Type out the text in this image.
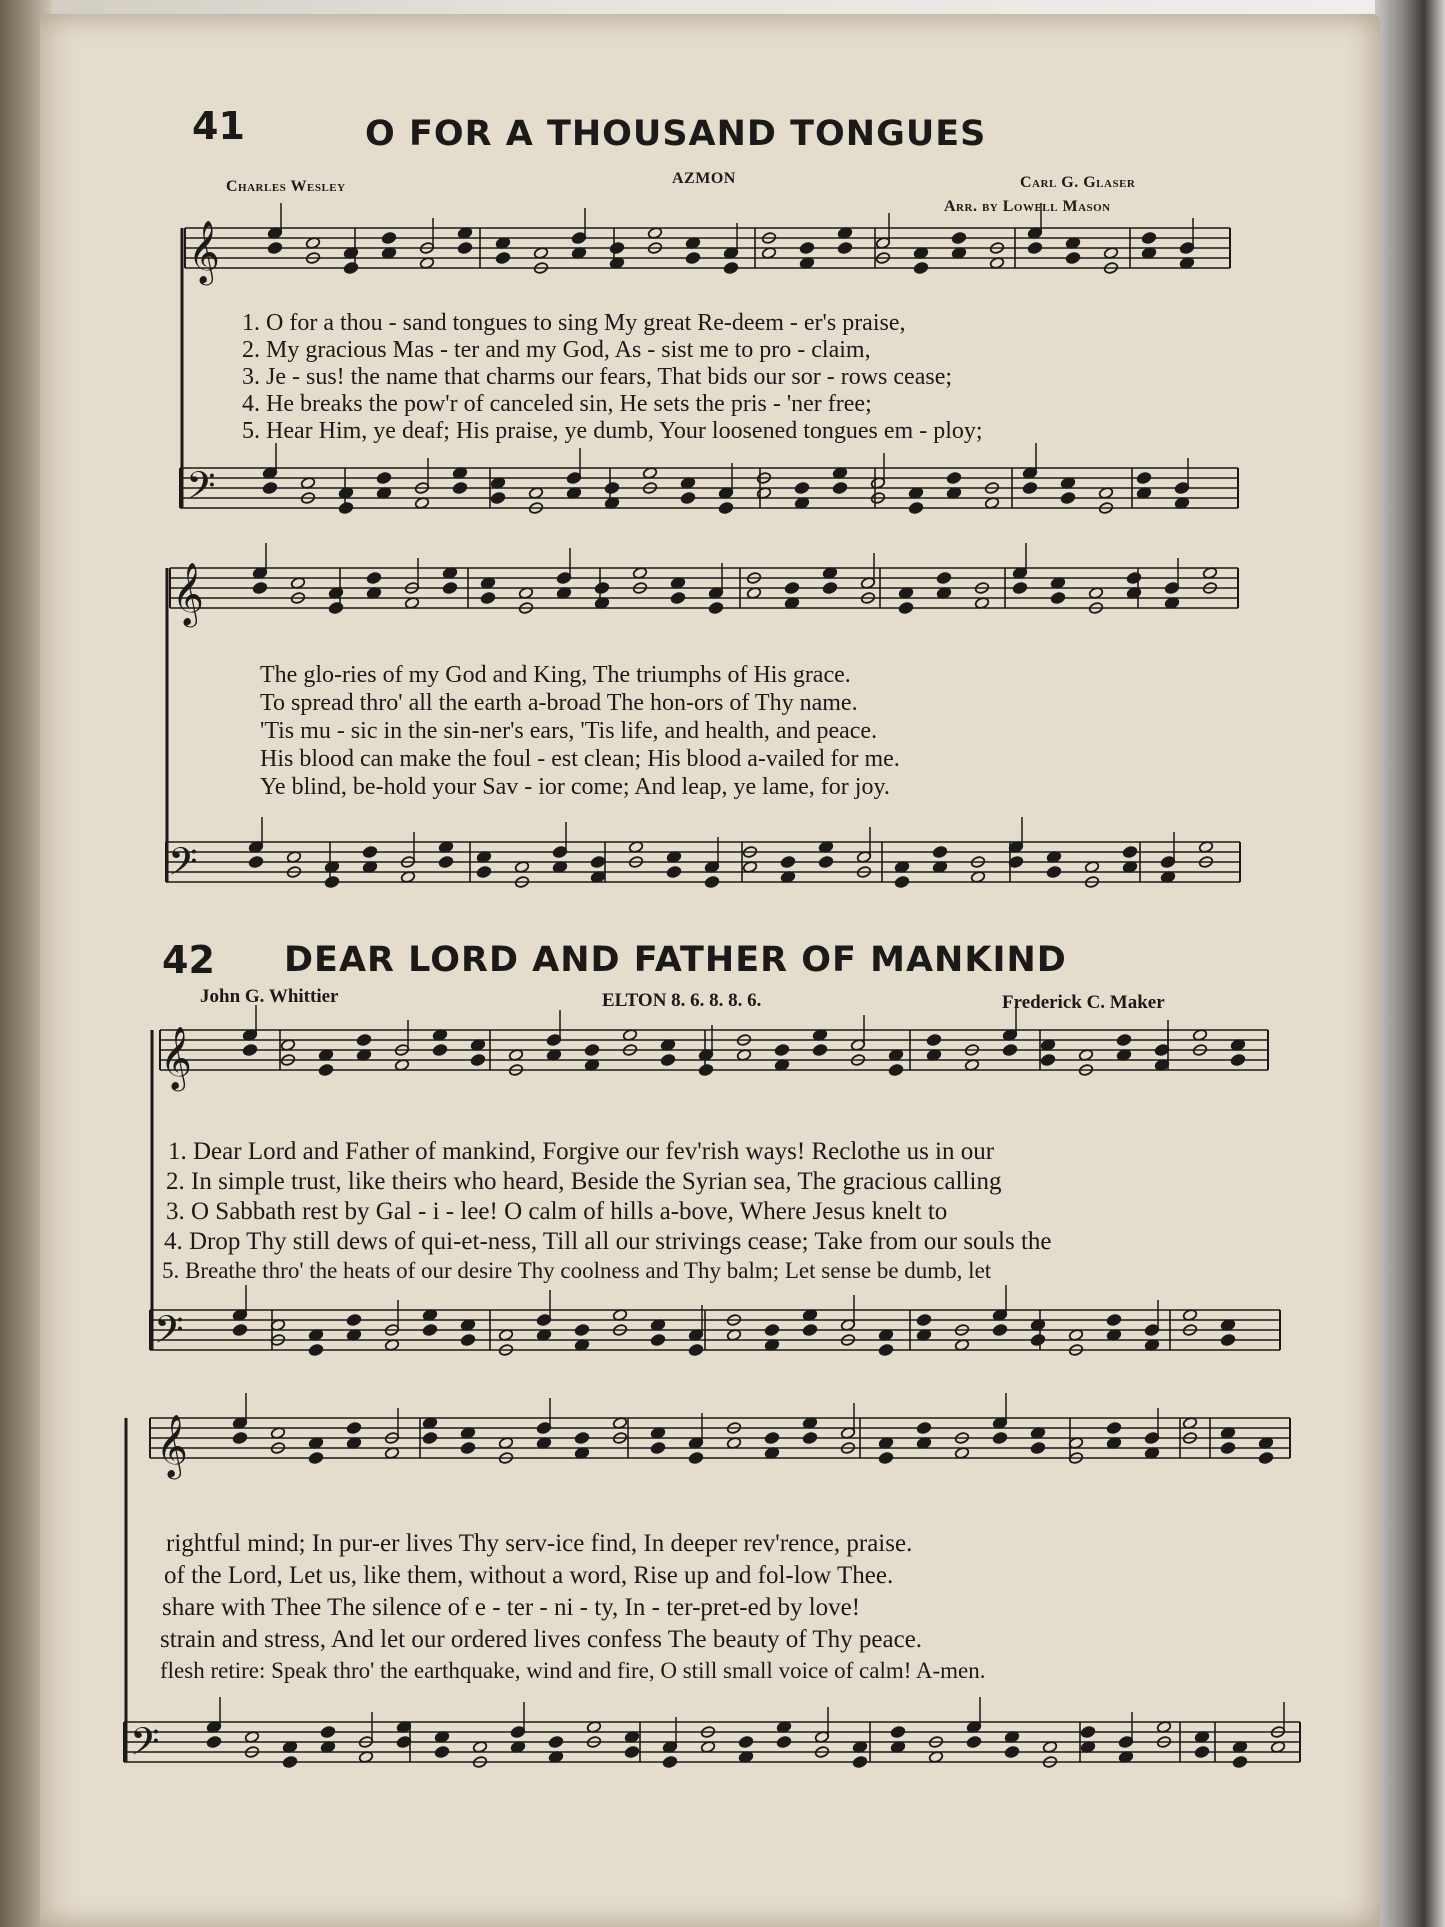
𝄞
𝄢
𝄞
𝄢
𝄞
𝄢
𝄞
𝄢
41	O FOR A THOUSAND TONGUES
Charles Wesley	AZMON	Carl G. Glaser
Arr. by Lowell Mason
1. O for a thou - sand tongues to sing My great Re-deem - er's praise,
2. My gracious Mas - ter and my God, As - sist me to pro - claim,
3. Je - sus! the name that charms our fears, That bids our sor - rows cease;
4. He breaks the pow'r of canceled sin, He sets the pris - 'ner free;
5. Hear Him, ye deaf; His praise, ye dumb, Your loosened tongues em - ploy;
The glo-ries of my God and King, The triumphs of His grace.
To spread thro' all the earth a-broad The hon-ors of Thy name.
'Tis mu - sic in the sin-ner's ears, 'Tis life, and health, and peace.
His blood can make the foul - est clean; His blood a-vailed for me.
Ye blind, be-hold your Sav - ior come; And leap, ye lame, for joy.
42 DEAR LORD AND FATHER OF MANKIND
John G. Whittier	ELTON 8. 6. 8. 8. 6.	Frederick C. Maker
1. Dear Lord and Father of mankind, Forgive our fev'rish ways! Reclothe us in our
2. In simple trust, like theirs who heard, Beside the Syrian sea, The gracious calling
3. O Sabbath rest by Gal - i - lee! O calm of hills a-bove, Where Jesus knelt to
4. Drop Thy still dews of qui-et-ness, Till all our strivings cease; Take from our souls the
5. Breathe thro' the heats of our desire Thy coolness and Thy balm; Let sense be dumb, let
rightful mind; In pur-er lives Thy serv-ice find, In deeper rev'rence, praise.
of the Lord, Let us, like them, without a word, Rise up and fol-low Thee.
share with Thee The silence of e - ter - ni - ty, In - ter-pret-ed by love!
strain and stress, And let our ordered lives confess The beauty of Thy peace.
flesh retire: Speak thro' the earthquake, wind and fire, O still small voice of calm! A-men.
